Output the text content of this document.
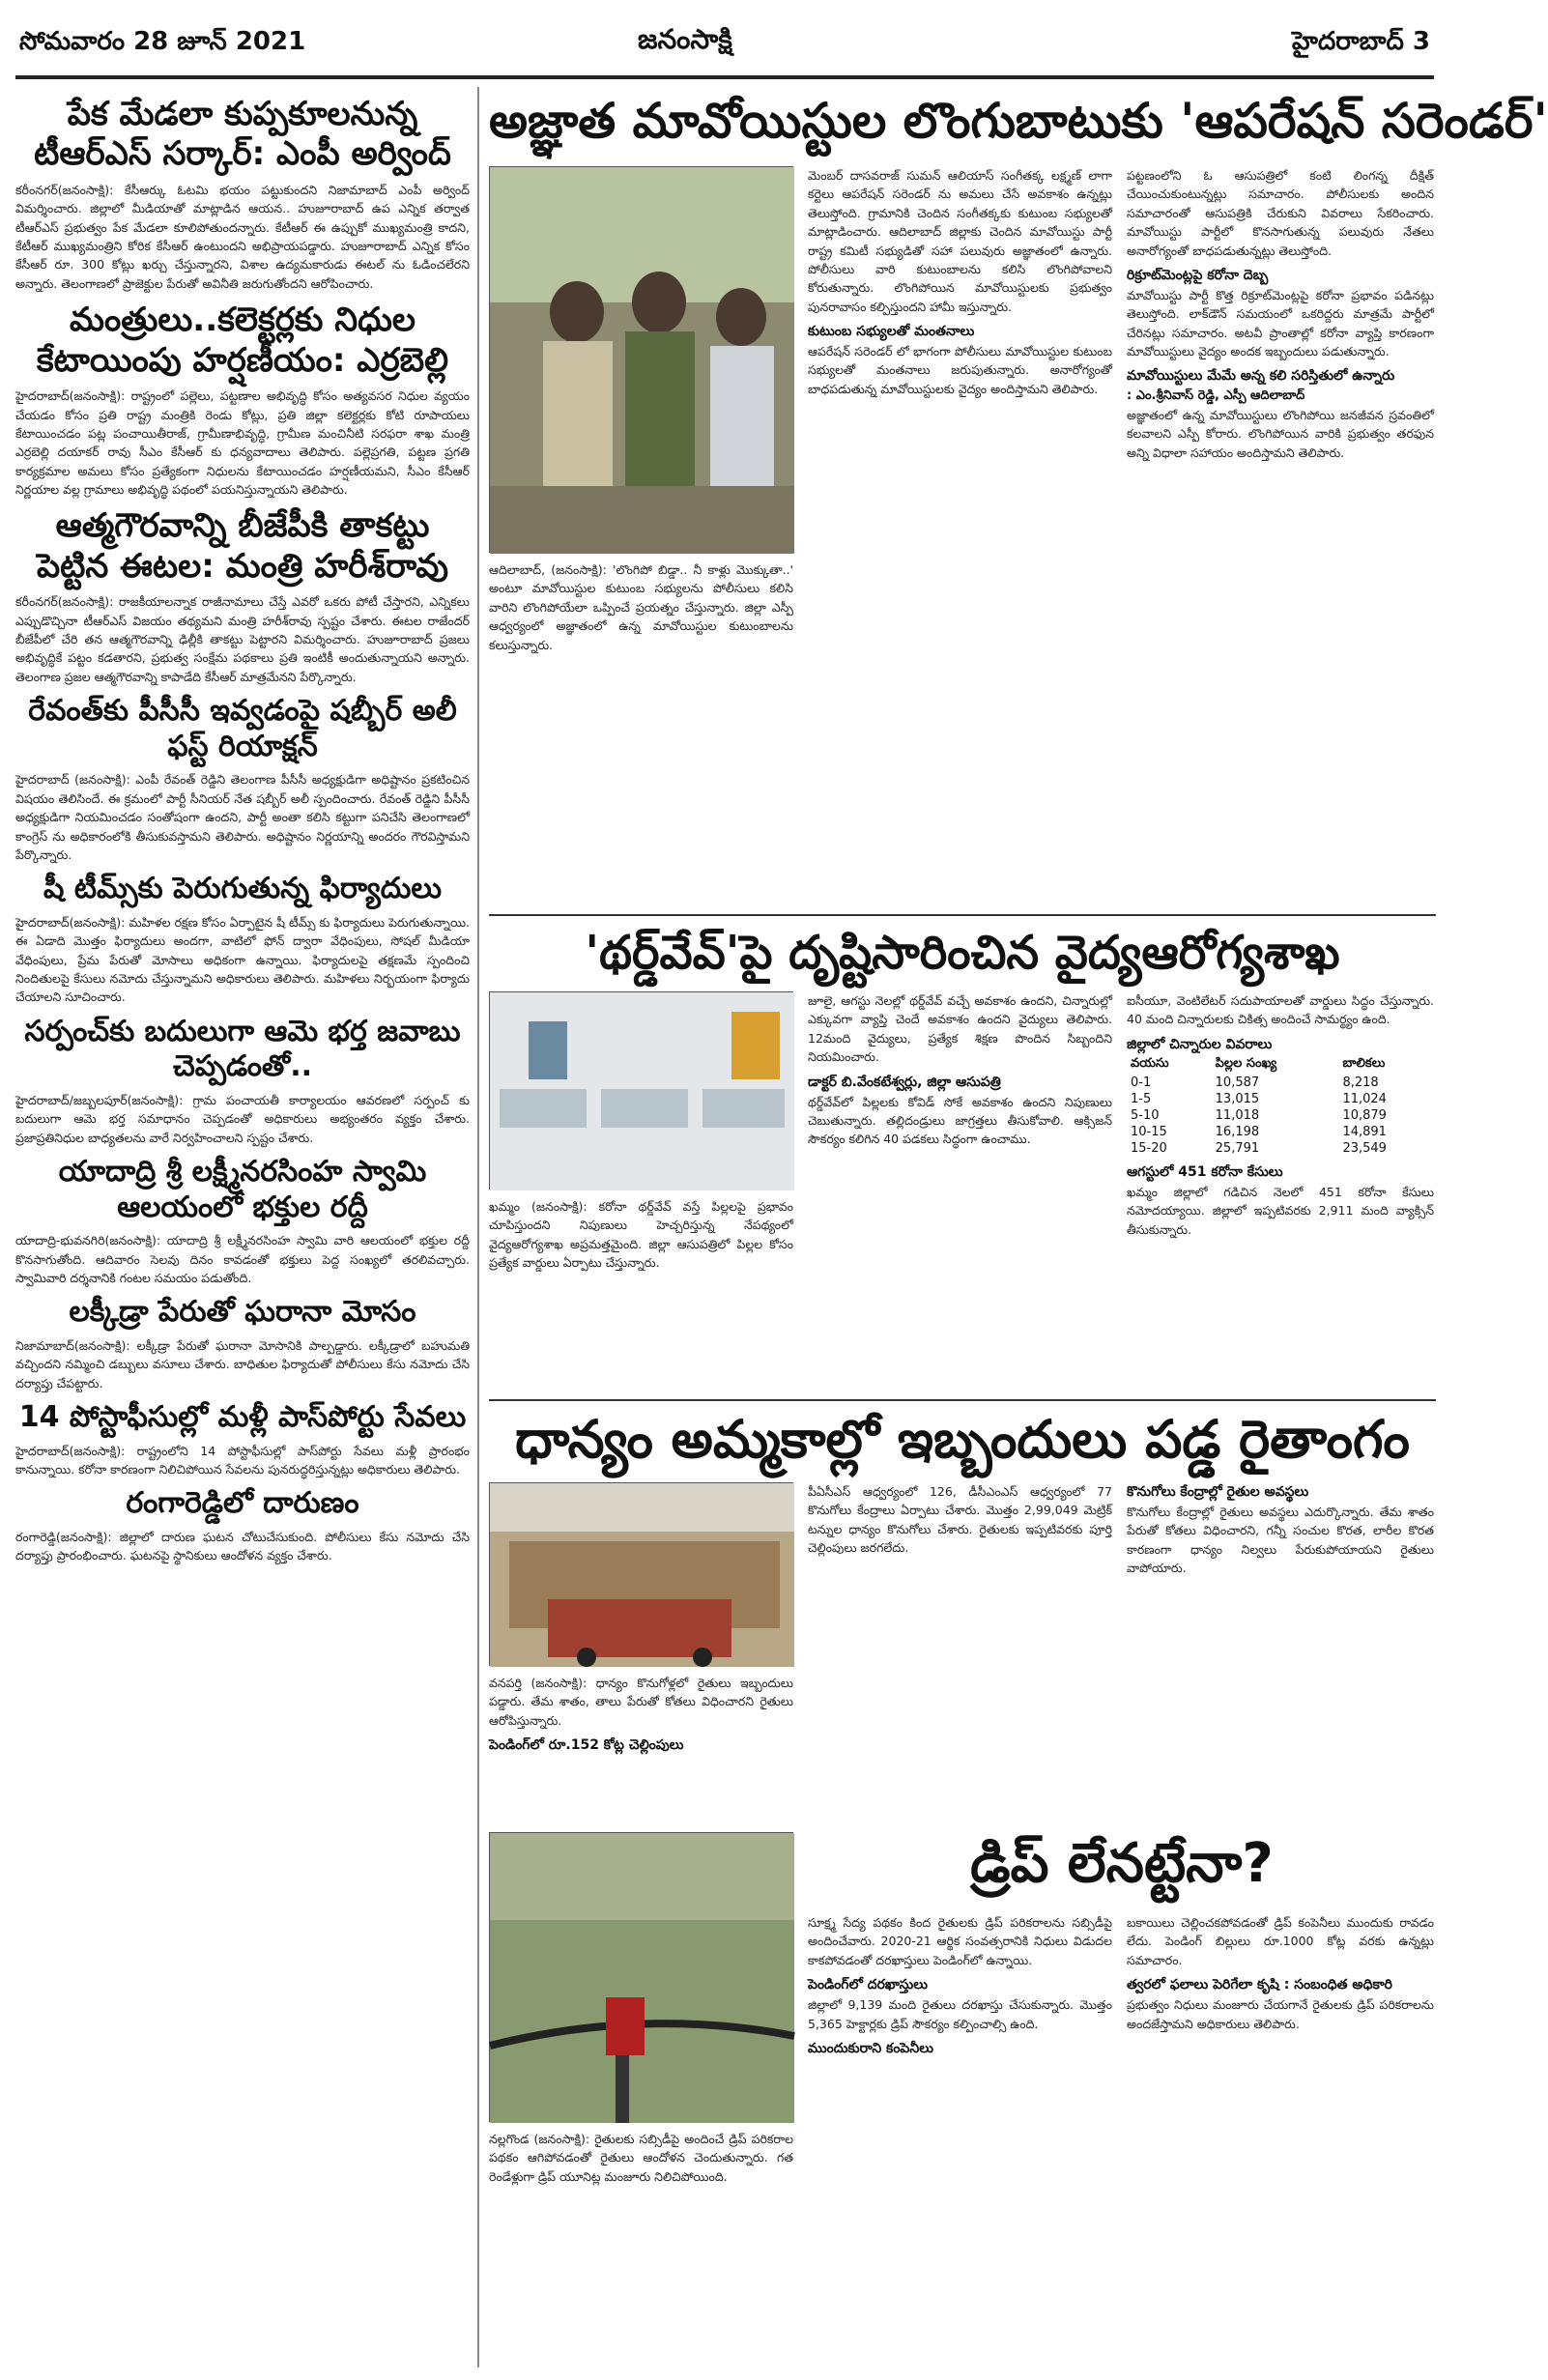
సోమవారం 28 జూన్ 2021	జనంసాక్షి	హైదరాబాద్ 3
పేక మేడలా కుప్పకూలనున్న టీఆర్ఎస్ సర్కార్: ఎంపీ అర్వింద్
కరీంనగర్(జనంసాక్షి): కేసీఆర్కు ఓటమి భయం పట్టుకుందని నిజామాబాద్ ఎంపీ అర్వింద్ విమర్శించారు. జిల్లాలో మీడియాతో మాట్లాడిన ఆయన.. హుజూరాబాద్ ఉప ఎన్నిక తర్వాత టీఆర్ఎస్ ప్రభుత్వం పేక మేడలా కూలిపోతుందన్నారు. కేటీఆర్ ఈ ఉప్పుకో ముఖ్యమంత్రి కాదని, కేటీఆర్ ముఖ్యమంత్రిని కోరిక కేసీఆర్ ఉంటుందని అభిప్రాయపడ్డారు. హుజూరాబాద్ ఎన్నిక కోసం కేసీఆర్ రూ. 300 కోట్లు ఖర్చు చేస్తున్నారని, విశాల ఉద్యమకారుడు ఈటల్ ను ఓడించలేరని అన్నారు. తెలంగాణలో ప్రాజెక్టుల పేరుతో అవినీతి జరుగుతోందని ఆరోపించారు.
మంత్రులు..కలెక్టర్లకు నిధుల కేటాయింపు హర్షణీయం: ఎర్రబెల్లి
హైదరాబాద్(జనంసాక్షి): రాష్ట్రంలో పల్లెలు, పట్టణాల అభివృద్ధి కోసం అత్యవసర నిధుల వ్యయం చేయడం కోసం ప్రతి రాష్ట్ర మంత్రికి రెండు కోట్లు, ప్రతి జిల్లా కలెక్టర్లకు కోటి రూపాయలు కేటాయించడం పట్ల పంచాయితీరాజ్, గ్రామీణాభివృద్ధి, గ్రామీణ మంచినీటి సరఫరా శాఖ మంత్రి ఎర్రబెల్లి దయాకర్ రావు సీఎం కేసీఆర్ కు ధన్యవాదాలు తెలిపారు. పల్లెప్రగతి, పట్టణ ప్రగతి కార్యక్రమాల అమలు కోసం ప్రత్యేకంగా నిధులను కేటాయించడం హర్షణీయమని, సీఎం కేసీఆర్ నిర్ణయాల వల్ల గ్రామాలు అభివృద్ధి పథంలో పయనిస్తున్నాయని తెలిపారు.
ఆత్మగౌరవాన్ని బీజేపీకి తాకట్టు పెట్టిన ఈటల: మంత్రి హరీశ్‌రావు
కరీంనగర్(జనంసాక్షి): రాజకీయాలన్నాక రాజీనామాలు చేస్తే ఎవరో ఒకరు పోటీ చేస్తారని, ఎన్నికలు ఎప్పుడొచ్చినా టీఆర్ఎస్ విజయం తథ్యమని మంత్రి హరీశ్‌రావు స్పష్టం చేశారు. ఈటల రాజేందర్ బీజేపీలో చేరి తన ఆత్మగౌరవాన్ని ఢిల్లీకి తాకట్టు పెట్టారని విమర్శించారు. హుజూరాబాద్ ప్రజలు అభివృద్ధికే పట్టం కడతారని, ప్రభుత్వ సంక్షేమ పథకాలు ప్రతి ఇంటికీ అందుతున్నాయని అన్నారు. తెలంగాణ ప్రజల ఆత్మగౌరవాన్ని కాపాడేది కేసీఆర్ మాత్రమేనని పేర్కొన్నారు.
రేవంత్‌కు పీసీసీ ఇవ్వడంపై షబ్బీర్ అలీ ఫస్ట్ రియాక్షన్
హైదరాబాద్ (జనంసాక్షి): ఎంపీ రేవంత్ రెడ్డిని తెలంగాణ పీసీసీ అధ్యక్షుడిగా అధిష్టానం ప్రకటించిన విషయం తెలిసిందే. ఈ క్రమంలో పార్టీ సీనియర్ నేత షబ్బీర్ అలీ స్పందించారు. రేవంత్ రెడ్డిని పీసీసీ అధ్యక్షుడిగా నియమించడం సంతోషంగా ఉందని, పార్టీ అంతా కలిసి కట్టుగా పనిచేసి తెలంగాణలో కాంగ్రెస్ ను అధికారంలోకి తీసుకువస్తామని తెలిపారు. అధిష్టానం నిర్ణయాన్ని అందరం గౌరవిస్తామని పేర్కొన్నారు.
షీ టీమ్స్‌కు పెరుగుతున్న ఫిర్యాదులు
హైదరాబాద్(జనంసాక్షి): మహిళల రక్షణ కోసం ఏర్పాటైన షీ టీమ్స్ కు ఫిర్యాదులు పెరుగుతున్నాయి. ఈ ఏడాది మొత్తం ఫిర్యాదులు అందగా, వాటిలో ఫోన్ ద్వారా వేధింపులు, సోషల్ మీడియా వేధింపులు, ప్రేమ పేరుతో మోసాలు అధికంగా ఉన్నాయి. ఫిర్యాదులపై తక్షణమే స్పందించి నిందితులపై కేసులు నమోదు చేస్తున్నామని అధికారులు తెలిపారు. మహిళలు నిర్భయంగా ఫిర్యాదు చేయాలని సూచించారు.
సర్పంచ్‌కు బదులుగా ఆమె భర్త జవాబు చెప్పడంతో..
హైదరాబాద్/జబ్బలపూర్(జనంసాక్షి): గ్రామ పంచాయతీ కార్యాలయం ఆవరణలో సర్పంచ్ కు బదులుగా ఆమె భర్త సమాధానం చెప్పడంతో అధికారులు అభ్యంతరం వ్యక్తం చేశారు. ప్రజాప్రతినిధుల బాధ్యతలను వారే నిర్వహించాలని స్పష్టం చేశారు.
యాదాద్రి శ్రీ లక్ష్మీనరసింహ స్వామి ఆలయంలో భక్తుల రద్దీ
యాదాద్రి-భువనగిరి(జనంసాక్షి): యాదాద్రి శ్రీ లక్ష్మీనరసింహ స్వామి వారి ఆలయంలో భక్తుల రద్దీ కొనసాగుతోంది. ఆదివారం సెలవు దినం కావడంతో భక్తులు పెద్ద సంఖ్యలో తరలివచ్చారు. స్వామివారి దర్శనానికి గంటల సమయం పడుతోంది.
లక్కీడ్రా పేరుతో ఘరానా మోసం
నిజామాబాద్(జనంసాక్షి): లక్కీడ్రా పేరుతో ఘరానా మోసానికి పాల్పడ్డారు. లక్కీడ్రాలో బహుమతి వచ్చిందని నమ్మించి డబ్బులు వసూలు చేశారు. బాధితుల ఫిర్యాదుతో పోలీసులు కేసు నమోదు చేసి దర్యాప్తు చేపట్టారు.
14 పోస్టాఫీసుల్లో మళ్లీ పాస్‌పోర్టు సేవలు
హైదరాబాద్(జనంసాక్షి): రాష్ట్రంలోని 14 పోస్టాఫీసుల్లో పాస్‌పోర్టు సేవలు మళ్లీ ప్రారంభం కానున్నాయి. కరోనా కారణంగా నిలిచిపోయిన సేవలను పునరుద్ధరిస్తున్నట్లు అధికారులు తెలిపారు.
రంగారెడ్డిలో దారుణం
రంగారెడ్డి(జనంసాక్షి): జిల్లాలో దారుణ ఘటన చోటుచేసుకుంది. పోలీసులు కేసు నమోదు చేసి దర్యాప్తు ప్రారంభించారు. ఘటనపై స్థానికులు ఆందోళన వ్యక్తం చేశారు.
అజ్ఞాత మావోయిస్టుల లొంగుబాటుకు 'ఆపరేషన్ సరెండర్'
ఆదిలాబాద్, (జనంసాక్షి): 'లొంగిపో బిడ్డా.. నీ కాళ్లు మొక్కుతా..' అంటూ మావోయిస్టుల కుటుంబ సభ్యులను పోలీసులు కలిసి వారిని లొంగిపోయేలా ఒప్పించే ప్రయత్నం చేస్తున్నారు. జిల్లా ఎస్పీ ఆధ్వర్యంలో అజ్ఞాతంలో ఉన్న మావోయిస్టుల కుటుంబాలను కలుస్తున్నారు.
మెంబర్ దాసవరాజ్ సుమన్ ఆలియాస్ సంగీతక్క లక్ష్మణ్ లాగా కర్టెలు ఆపరేషన్ సరెండర్ ను అమలు చేసే అవకాశం ఉన్నట్లు తెలుస్తోంది. గ్రామానికి చెందిన సంగీతక్కకు కుటుంబ సభ్యులతో మాట్లాడించారు. ఆదిలాబాద్ జిల్లాకు చెందిన మావోయిస్టు పార్టీ రాష్ట్ర కమిటీ సభ్యుడితో సహా పలువురు అజ్ఞాతంలో ఉన్నారు. పోలీసులు వారి కుటుంబాలను కలిసి లొంగిపోవాలని కోరుతున్నారు. లొంగిపోయిన మావోయిస్టులకు ప్రభుత్వం పునరావాసం కల్పిస్తుందని హామీ ఇస్తున్నారు.
కుటుంబ సభ్యులతో మంతనాలు
ఆపరేషన్ సరెండర్ లో భాగంగా పోలీసులు మావోయిస్టుల కుటుంబ సభ్యులతో మంతనాలు జరుపుతున్నారు. అనారోగ్యంతో బాధపడుతున్న మావోయిస్టులకు వైద్యం అందిస్తామని తెలిపారు.
పట్టణంలోని ఓ ఆసుపత్రిలో కంటి లింగన్న దీక్షిత్ చేయించుకుంటున్నట్లు సమాచారం. పోలీసులకు అందిన సమాచారంతో ఆసుపత్రికి చేరుకుని వివరాలు సేకరించారు. మావోయిస్టు పార్టీలో కొనసాగుతున్న పలువురు నేతలు అనారోగ్యంతో బాధపడుతున్నట్లు తెలుస్తోంది.
రిక్రూట్‌మెంట్లపై కరోనా దెబ్బ
మావోయిస్టు పార్టీ కొత్త రిక్రూట్‌మెంట్లపై కరోనా ప్రభావం పడినట్లు తెలుస్తోంది. లాక్‌డౌన్ సమయంలో ఒకరిద్దరు మాత్రమే పార్టీలో చేరినట్లు సమాచారం. అటవీ ప్రాంతాల్లో కరోనా వ్యాప్తి కారణంగా మావోయిస్టులు వైద్యం అందక ఇబ్బందులు పడుతున్నారు.
మావోయిస్టులు మేమే అన్న కలి సరిస్తితులో ఉన్నారు
: ఎం.శ్రీనివాస్ రెడ్డి, ఎస్పీ ఆదిలాబాద్
అజ్ఞాతంలో ఉన్న మావోయిస్టులు లొంగిపోయి జనజీవన స్రవంతిలో కలవాలని ఎస్పీ కోరారు. లొంగిపోయిన వారికి ప్రభుత్వం తరఫున అన్ని విధాలా సహాయం అందిస్తామని తెలిపారు.
'థర్డ్‌వేవ్'పై దృష్టిసారించిన వైద్యఆరోగ్యశాఖ
ఖమ్మం (జనంసాక్షి): కరోనా థర్డ్‌వేవ్ వస్తే పిల్లలపై ప్రభావం చూపిస్తుందని నిపుణులు హెచ్చరిస్తున్న నేపథ్యంలో వైద్యఆరోగ్యశాఖ అప్రమత్తమైంది. జిల్లా ఆసుపత్రిలో పిల్లల కోసం ప్రత్యేక వార్డులు ఏర్పాటు చేస్తున్నారు.
జూలై, ఆగస్టు నెలల్లో థర్డ్‌వేవ్ వచ్చే అవకాశం ఉందని, చిన్నారుల్లో ఎక్కువగా వ్యాప్తి చెందే అవకాశం ఉందని వైద్యులు తెలిపారు. 12మంది వైద్యులు, ప్రత్యేక శిక్షణ పొందిన సిబ్బందిని నియమించారు.
డాక్టర్ బి.వేంకటేశ్వర్లు, జిల్లా ఆసుపత్రి
థర్డ్‌వేవ్‌లో పిల్లలకు కోవిడ్ సోకే అవకాశం ఉందని నిపుణులు చెబుతున్నారు. తల్లిదండ్రులు జాగ్రత్తలు తీసుకోవాలి. ఆక్సిజన్ సౌకర్యం కలిగిన 40 పడకలు సిద్ధంగా ఉంచాము.
ఐసీయూ, వెంటిలేటర్ సదుపాయాలతో వార్డులు సిద్ధం చేస్తున్నారు. 40 మంది చిన్నారులకు చికిత్స అందించే సామర్థ్యం ఉంది.
జిల్లాలో చిన్నారుల వివరాలు
వయసు	పిల్లల సంఖ్య	బాలికలు
0-1	10,587	8,218
1-5	13,015	11,024
5-10	11,018	10,879
10-15	16,198	14,891
15-20	25,791	23,549
ఆగస్టులో 451 కరోనా కేసులు
ఖమ్మం జిల్లాలో గడిచిన నెలలో 451 కరోనా కేసులు నమోదయ్యాయి. జిల్లాలో ఇప్పటివరకు 2,911 మంది వ్యాక్సిన్ తీసుకున్నారు.
ధాన్యం అమ్మకాల్లో ఇబ్బందులు పడ్డ రైతాంగం
వనపర్తి (జనంసాక్షి): ధాన్యం కొనుగోళ్లలో రైతులు ఇబ్బందులు పడ్డారు. తేమ శాతం, తాలు పేరుతో కోతలు విధించారని రైతులు ఆరోపిస్తున్నారు.
పెండింగ్‌లో రూ.152 కోట్ల చెల్లింపులు
పీఏసీఎస్ ఆధ్వర్యంలో 126, డీసీఎంఎస్ ఆధ్వర్యంలో 77 కొనుగోలు కేంద్రాలు ఏర్పాటు చేశారు. మొత్తం 2,99,049 మెట్రిక్ టన్నుల ధాన్యం కొనుగోలు చేశారు. రైతులకు ఇప్పటివరకు పూర్తి చెల్లింపులు జరగలేదు.
కొనుగోలు కేంద్రాల్లో రైతుల అవస్థలు
కొనుగోలు కేంద్రాల్లో రైతులు అవస్థలు ఎదుర్కొన్నారు. తేమ శాతం పేరుతో కోతలు విధించారని, గన్నీ సంచుల కొరత, లారీల కొరత కారణంగా ధాన్యం నిల్వలు పేరుకుపోయాయని రైతులు వాపోయారు.
నల్లగొండ (జనంసాక్షి): రైతులకు సబ్సిడీపై అందించే డ్రిప్ పరికరాల పథకం ఆగిపోవడంతో రైతులు ఆందోళన చెందుతున్నారు. గత రెండేళ్లుగా డ్రిప్ యూనిట్ల మంజూరు నిలిచిపోయింది.
డ్రిప్ లేనట్టేనా?
సూక్ష్మ సేద్య పథకం కింద రైతులకు డ్రిప్ పరికరాలను సబ్సిడీపై అందించేవారు. 2020-21 ఆర్థిక సంవత్సరానికి నిధులు విడుదల కాకపోవడంతో దరఖాస్తులు పెండింగ్‌లో ఉన్నాయి.
పెండింగ్‌లో దరఖాస్తులు
జిల్లాలో 9,139 మంది రైతులు దరఖాస్తు చేసుకున్నారు. మొత్తం 5,365 హెక్టార్లకు డ్రిప్ సౌకర్యం కల్పించాల్సి ఉంది.
ముందుకురాని కంపెనీలు
బకాయిలు చెల్లించకపోవడంతో డ్రిప్ కంపెనీలు ముందుకు రావడం లేదు. పెండింగ్ బిల్లులు రూ.1000 కోట్ల వరకు ఉన్నట్లు సమాచారం.
త్వరలో ఫలాలు పెరిగేలా కృషి : సంబంధిత అధికారి
ప్రభుత్వం నిధులు మంజూరు చేయగానే రైతులకు డ్రిప్ పరికరాలను అందజేస్తామని అధికారులు తెలిపారు.
